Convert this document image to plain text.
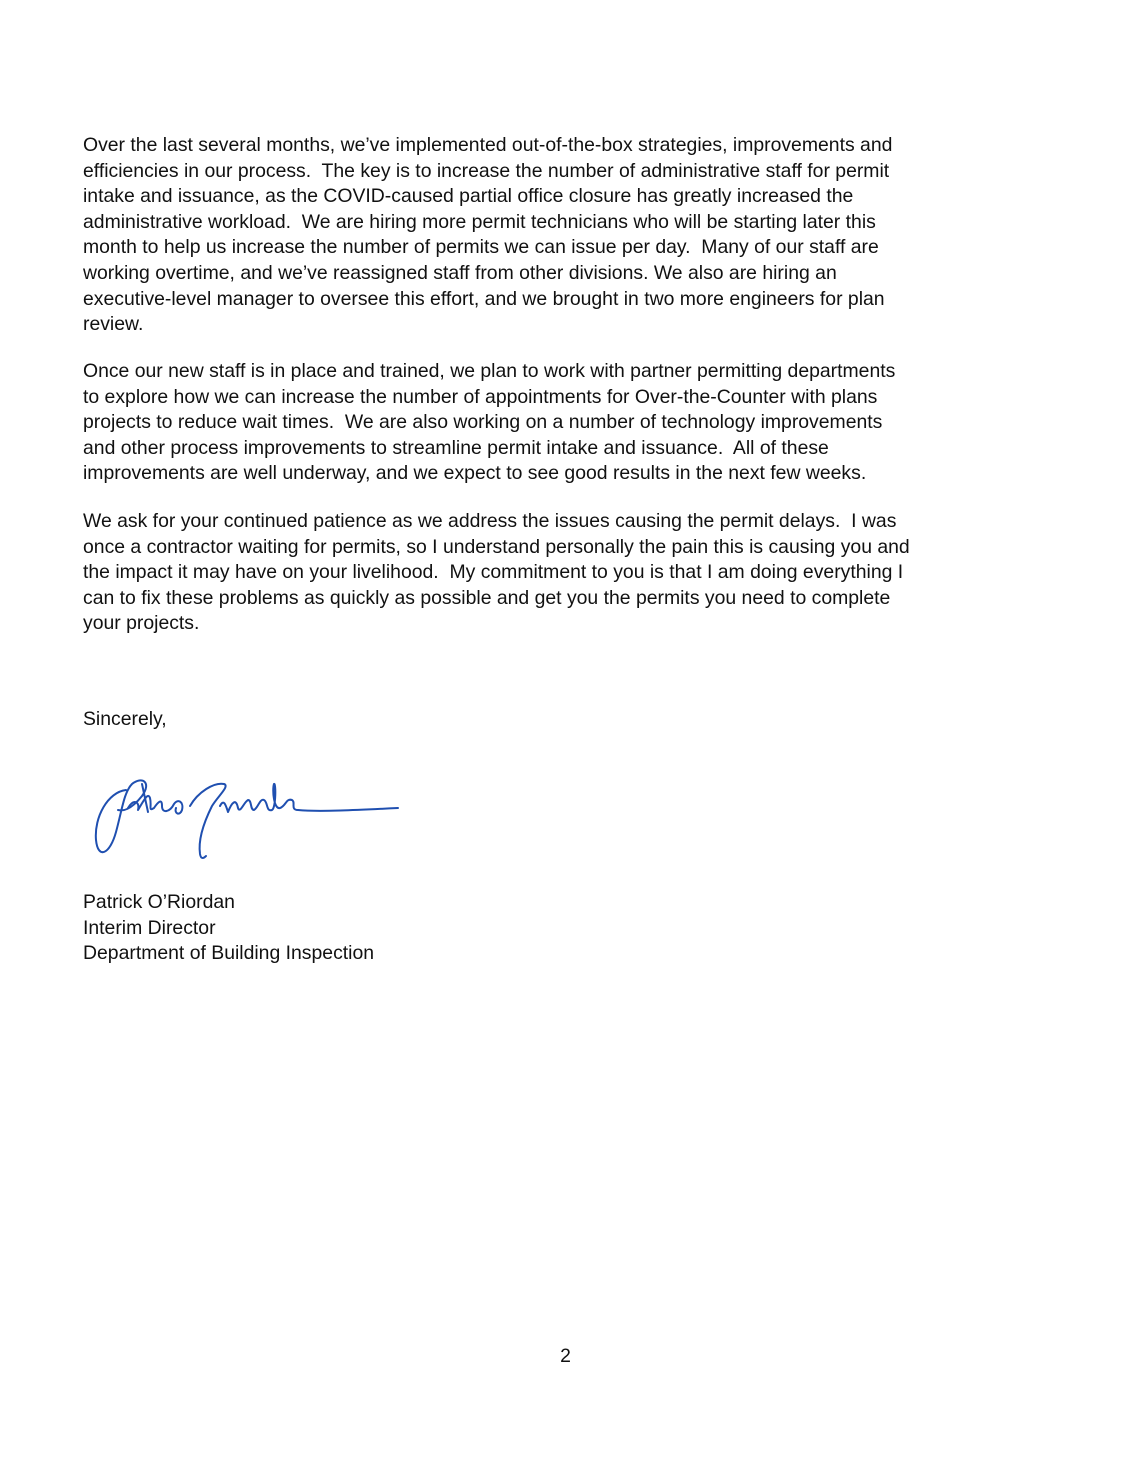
Over the last several months, we’ve implemented out-of-the-box strategies, improvements and
efficiencies in our process.  The key is to increase the number of administrative staff for permit
intake and issuance, as the COVID-caused partial office closure has greatly increased the
administrative workload.  We are hiring more permit technicians who will be starting later this
month to help us increase the number of permits we can issue per day.  Many of our staff are
working overtime, and we’ve reassigned staff from other divisions. We also are hiring an
executive-level manager to oversee this effort, and we brought in two more engineers for plan
review.
Once our new staff is in place and trained, we plan to work with partner permitting departments
to explore how we can increase the number of appointments for Over-the-Counter with plans
projects to reduce wait times.  We are also working on a number of technology improvements
and other process improvements to streamline permit intake and issuance.  All of these
improvements are well underway, and we expect to see good results in the next few weeks.
We ask for your continued patience as we address the issues causing the permit delays.  I was
once a contractor waiting for permits, so I understand personally the pain this is causing you and
the impact it may have on your livelihood.  My commitment to you is that I am doing everything I
can to fix these problems as quickly as possible and get you the permits you need to complete
your projects.
Sincerely,
Patrick O’Riordan
Interim Director
Department of Building Inspection
2
